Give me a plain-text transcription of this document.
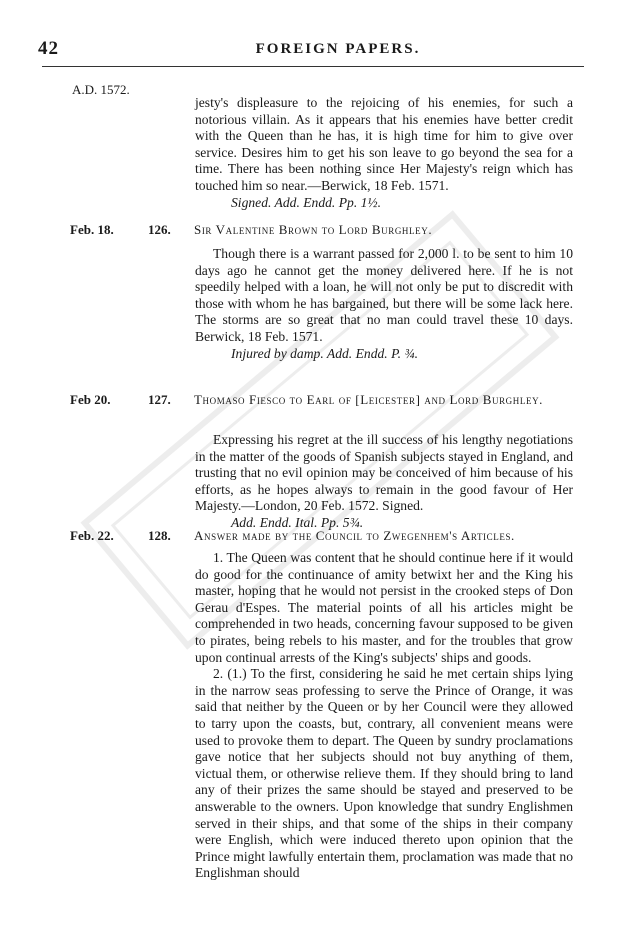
42	FOREIGN PAPERS.
A.D. 1572.

jesty's displeasure to the rejoicing of his enemies, for such a notorious villain. As it appears that his enemies have better credit with the Queen than he has, it is high time for him to give over service. Desires him to get his son leave to go beyond the sea for a time. There has been nothing since Her Majesty's reign which has touched him so near.—Berwick, 18 Feb. 1571.

Signed. Add. Endd. Pp. 1½.

Feb. 18.	126. Sir Valentine Brown to Lord Burghley.

Though there is a warrant passed for 2,000 l. to be sent to him 10 days ago he cannot get the money delivered here. If he is not speedily helped with a loan, he will not only be put to discredit with those with whom he has bargained, but there will be some lack here. The storms are so great that no man could travel these 10 days. Berwick, 18 Feb. 1571.

Injured by damp. Add. Endd. P. ¾.

Feb 20.	127. Thomaso Fiesco to Earl of [Leicester] and Lord Burghley.

Expressing his regret at the ill success of his lengthy negotiations in the matter of the goods of Spanish subjects stayed in England, and trusting that no evil opinion may be conceived of him because of his efforts, as he hopes always to remain in the good favour of Her Majesty.—London, 20 Feb. 1572. Signed.

Add. Endd. Ital. Pp. 5¾.

Feb. 22.	128. Answer made by the Council to Zwegenhem's Articles.

1. The Queen was content that he should continue here if it would do good for the continuance of amity betwixt her and the King his master, hoping that he would not persist in the crooked steps of Don Gerau d'Espes. The material points of all his articles might be comprehended in two heads, concerning favour supposed to be given to pirates, being rebels to his master, and for the troubles that grow upon continual arrests of the King's subjects' ships and goods.

2. (1.) To the first, considering he said he met certain ships lying in the narrow seas professing to serve the Prince of Orange, it was said that neither by the Queen or by her Council were they allowed to tarry upon the coasts, but, contrary, all convenient means were used to provoke them to depart. The Queen by sundry proclamations gave notice that her subjects should not buy anything of them, victual them, or otherwise relieve them. If they should bring to land any of their prizes the same should be stayed and preserved to be answerable to the owners. Upon knowledge that sundry Englishmen served in their ships, and that some of the ships in their company were English, which were induced thereto upon opinion that the Prince might lawfully entertain them, proclamation was made that no Englishman should
